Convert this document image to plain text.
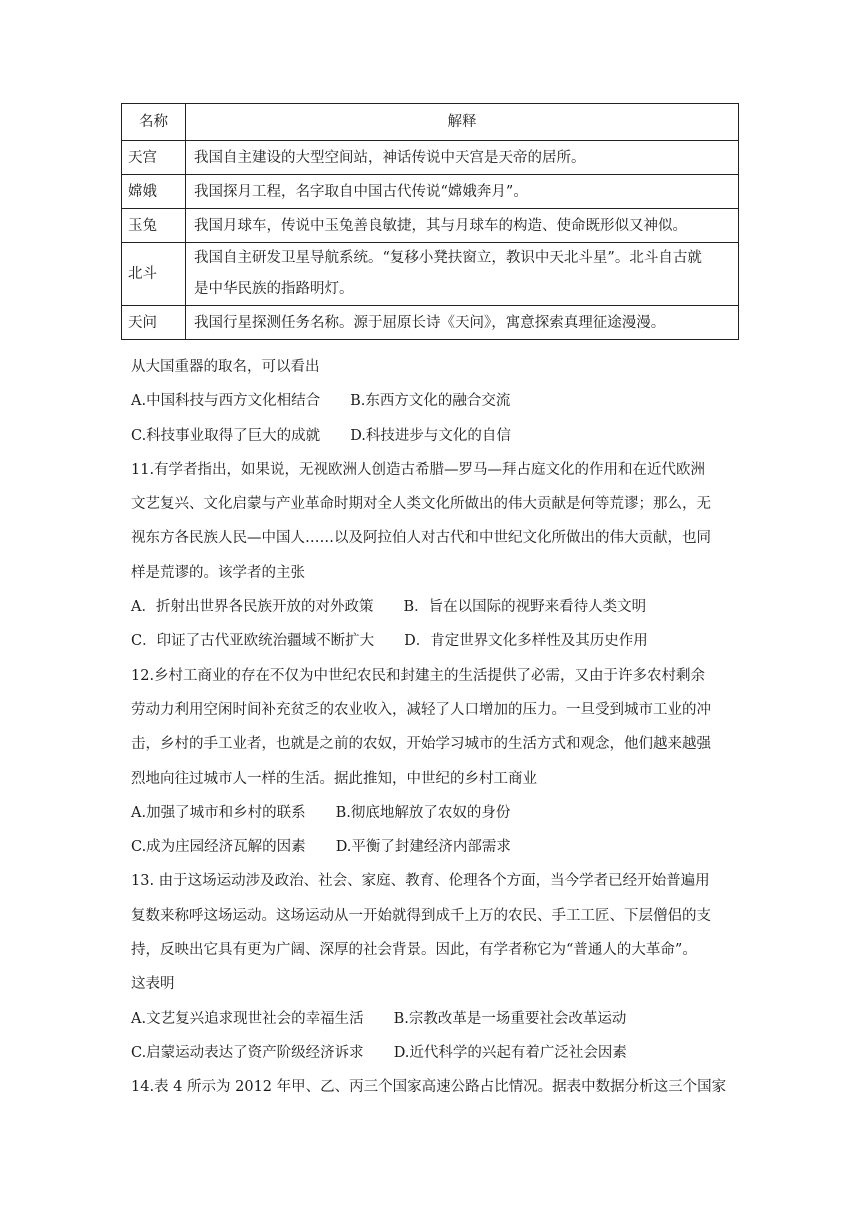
名称	解释
天宫	我国自主建设的大型空间站，神话传说中天宫是天帝的居所。
嫦娥	我国探月工程，名字取自中国古代传说“嫦娥奔月”。
玉兔	我国月球车，传说中玉兔善良敏捷，其与月球车的构造、使命既形似又神似。
北斗	我国自主研发卫星导航系统。“复移小凳扶窗立，教识中天北斗星”。北斗自古就
是中华民族的指路明灯。

天问	我国行星探测任务名称。源于屈原长诗《天问》，寓意探索真理征途漫漫。
从大国重器的取名，可以看出
A.中国科技与西方文化相结合 B.东西方文化的融合交流
C.科技事业取得了巨大的成就 D.科技进步与文化的自信
11.有学者指出，如果说，无视欧洲人创造古希腊—罗马—拜占庭文化的作用和在近代欧洲
文艺复兴、文化启蒙与产业革命时期对全人类文化所做出的伟大贡献是何等荒谬；那么，无
视东方各民族人民—中国人……以及阿拉伯人对古代和中世纪文化所做出的伟大贡献，也同
样是荒谬的。该学者的主张
A．折射出世界各民族开放的对外政策 B．旨在以国际的视野来看待人类文明
C．印证了古代亚欧统治疆域不断扩大 D．肯定世界文化多样性及其历史作用
12.乡村工商业的存在不仅为中世纪农民和封建主的生活提供了必需，又由于许多农村剩余
劳动力利用空闲时间补充贫乏的农业收入，减轻了人口增加的压力。一旦受到城市工业的冲
击，乡村的手工业者，也就是之前的农奴，开始学习城市的生活方式和观念，他们越来越强
烈地向往过城市人一样的生活。据此推知，中世纪的乡村工商业
A.加强了城市和乡村的联系 B.彻底地解放了农奴的身份
C.成为庄园经济瓦解的因素 D.平衡了封建经济内部需求
13. 由于这场运动涉及政治、社会、家庭、教育、伦理各个方面，当今学者已经开始普遍用
复数来称呼这场运动。这场运动从一开始就得到成千上万的农民、手工工匠、下层僧侣的支
持，反映出它具有更为广阔、深厚的社会背景。因此，有学者称它为“普通人的大革命”。
这表明
A.文艺复兴追求现世社会的幸福生活 B.宗教改革是一场重要社会改革运动
C.启蒙运动表达了资产阶级经济诉求 D.近代科学的兴起有着广泛社会因素
14.表 4 所示为 2012 年甲、乙、丙三个国家高速公路占比情况。据表中数据分析这三个国家
